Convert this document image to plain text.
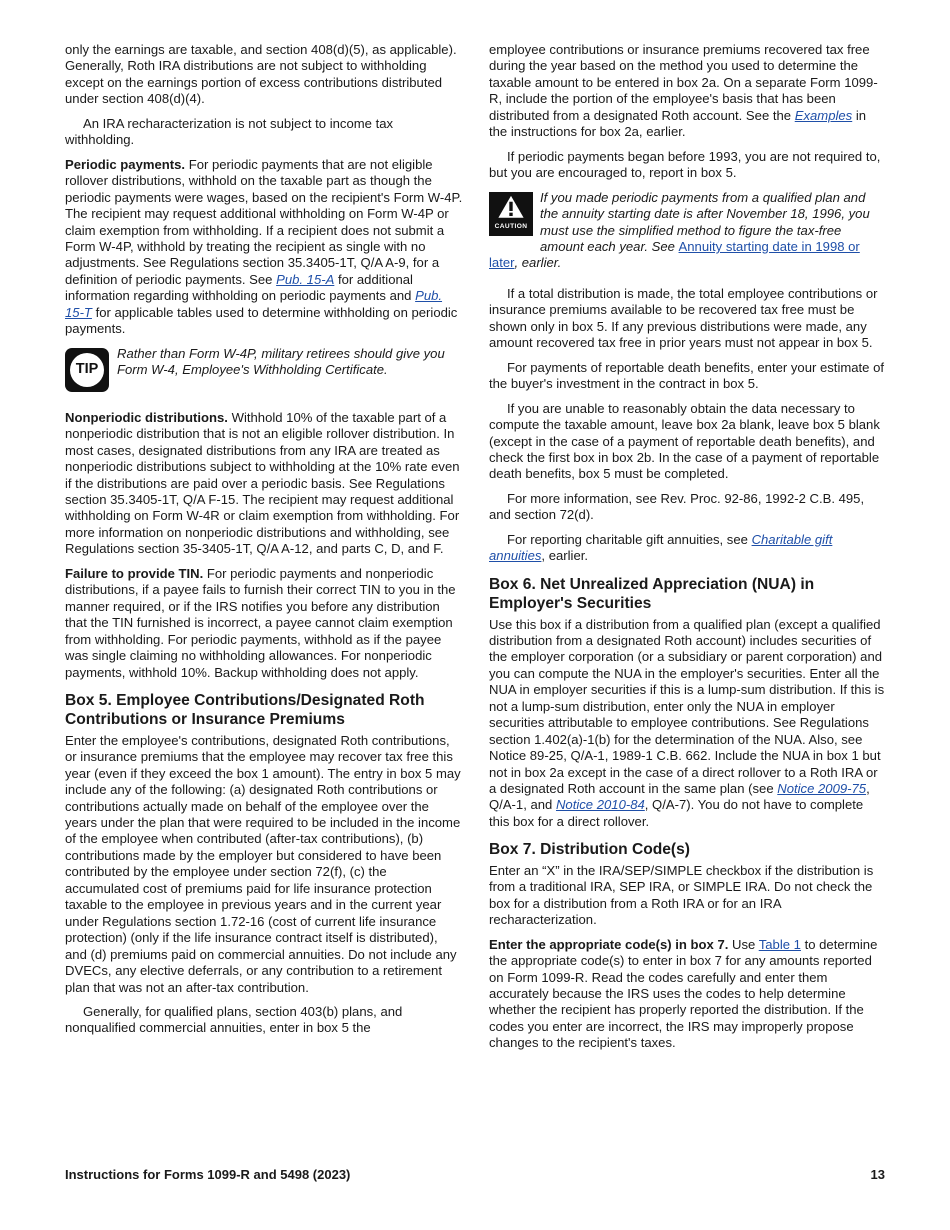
only the earnings are taxable, and section 408(d)(5), as applicable). Generally, Roth IRA distributions are not subject to withholding except on the earnings portion of excess contributions distributed under section 408(d)(4).

An IRA recharacterization is not subject to income tax withholding.

Periodic payments. For periodic payments that are not eligible rollover distributions, withhold on the taxable part as though the periodic payments were wages, based on the recipient's Form W-4P. The recipient may request additional withholding on Form W-4P or claim exemption from withholding. If a recipient does not submit a Form W-4P, withhold by treating the recipient as single with no adjustments. See Regulations section 35.3405-1T, Q/A A-9, for a definition of periodic payments. See Pub. 15-A for additional information regarding withholding on periodic payments and Pub. 15-T for applicable tables used to determine withholding on periodic payments.

TIP
Rather than Form W-4P, military retirees should give you Form W-4, Employee's Withholding Certificate.

Nonperiodic distributions. Withhold 10% of the taxable part of a nonperiodic distribution that is not an eligible rollover distribution. In most cases, designated distributions from any IRA are treated as nonperiodic distributions subject to withholding at the 10% rate even if the distributions are paid over a periodic basis. See Regulations section 35.3405-1T, Q/A F-15. The recipient may request additional withholding on Form W-4R or claim exemption from withholding. For more information on nonperiodic distributions and withholding, see Regulations section 35-3405-1T, Q/A A-12, and parts C, D, and F.

Failure to provide TIN. For periodic payments and nonperiodic distributions, if a payee fails to furnish their correct TIN to you in the manner required, or if the IRS notifies you before any distribution that the TIN furnished is incorrect, a payee cannot claim exemption from withholding. For periodic payments, withhold as if the payee was single claiming no withholding allowances. For nonperiodic payments, withhold 10%. Backup withholding does not apply.

Box 5. Employee Contributions/Designated Roth Contributions or Insurance Premiums

Enter the employee's contributions, designated Roth contributions, or insurance premiums that the employee may recover tax free this year (even if they exceed the box 1 amount). The entry in box 5 may include any of the following: (a) designated Roth contributions or contributions actually made on behalf of the employee over the years under the plan that were required to be included in the income of the employee when contributed (after-tax contributions), (b) contributions made by the employer but considered to have been contributed by the employee under section 72(f), (c) the accumulated cost of premiums paid for life insurance protection taxable to the employee in previous years and in the current year under Regulations section 1.72-16 (cost of current life insurance protection) (only if the life insurance contract itself is distributed), and (d) premiums paid on commercial annuities. Do not include any DVECs, any elective deferrals, or any contribution to a retirement plan that was not an after-tax contribution.

Generally, for qualified plans, section 403(b) plans, and nonqualified commercial annuities, enter in box 5 the

employee contributions or insurance premiums recovered tax free during the year based on the method you used to determine the taxable amount to be entered in box 2a. On a separate Form 1099-R, include the portion of the employee's basis that has been distributed from a designated Roth account. See the Examples in the instructions for box 2a, earlier.

If periodic payments began before 1993, you are not required to, but you are encouraged to, report in box 5.

CAUTION
If you made periodic payments from a qualified plan and the annuity starting date is after November 18, 1996, you must use the simplified method to figure the tax-free amount each year. See Annuity starting date in 1998 or later, earlier.

If a total distribution is made, the total employee contributions or insurance premiums available to be recovered tax free must be shown only in box 5. If any previous distributions were made, any amount recovered tax free in prior years must not appear in box 5.

For payments of reportable death benefits, enter your estimate of the buyer's investment in the contract in box 5.

If you are unable to reasonably obtain the data necessary to compute the taxable amount, leave box 2a blank, leave box 5 blank (except in the case of a payment of reportable death benefits), and check the first box in box 2b. In the case of a payment of reportable death benefits, box 5 must be completed.

For more information, see Rev. Proc. 92-86, 1992-2 C.B. 495, and section 72(d).

For reporting charitable gift annuities, see Charitable gift annuities, earlier.

Box 6. Net Unrealized Appreciation (NUA) in Employer's Securities

Use this box if a distribution from a qualified plan (except a qualified distribution from a designated Roth account) includes securities of the employer corporation (or a subsidiary or parent corporation) and you can compute the NUA in the employer's securities. Enter all the NUA in employer securities if this is a lump-sum distribution. If this is not a lump-sum distribution, enter only the NUA in employer securities attributable to employee contributions. See Regulations section 1.402(a)-1(b) for the determination of the NUA. Also, see Notice 89-25, Q/A-1, 1989-1 C.B. 662. Include the NUA in box 1 but not in box 2a except in the case of a direct rollover to a Roth IRA or a designated Roth account in the same plan (see Notice 2009-75, Q/A-1, and Notice 2010-84, Q/A-7). You do not have to complete this box for a direct rollover.

Box 7. Distribution Code(s)

Enter an “X” in the IRA/SEP/SIMPLE checkbox if the distribution is from a traditional IRA, SEP IRA, or SIMPLE IRA. Do not check the box for a distribution from a Roth IRA or for an IRA recharacterization.

Enter the appropriate code(s) in box 7. Use Table 1 to determine the appropriate code(s) to enter in box 7 for any amounts reported on Form 1099-R. Read the codes carefully and enter them accurately because the IRS uses the codes to help determine whether the recipient has properly reported the distribution. If the codes you enter are incorrect, the IRS may improperly propose changes to the recipient's taxes.

Instructions for Forms 1099-R and 5498 (2023)	13
